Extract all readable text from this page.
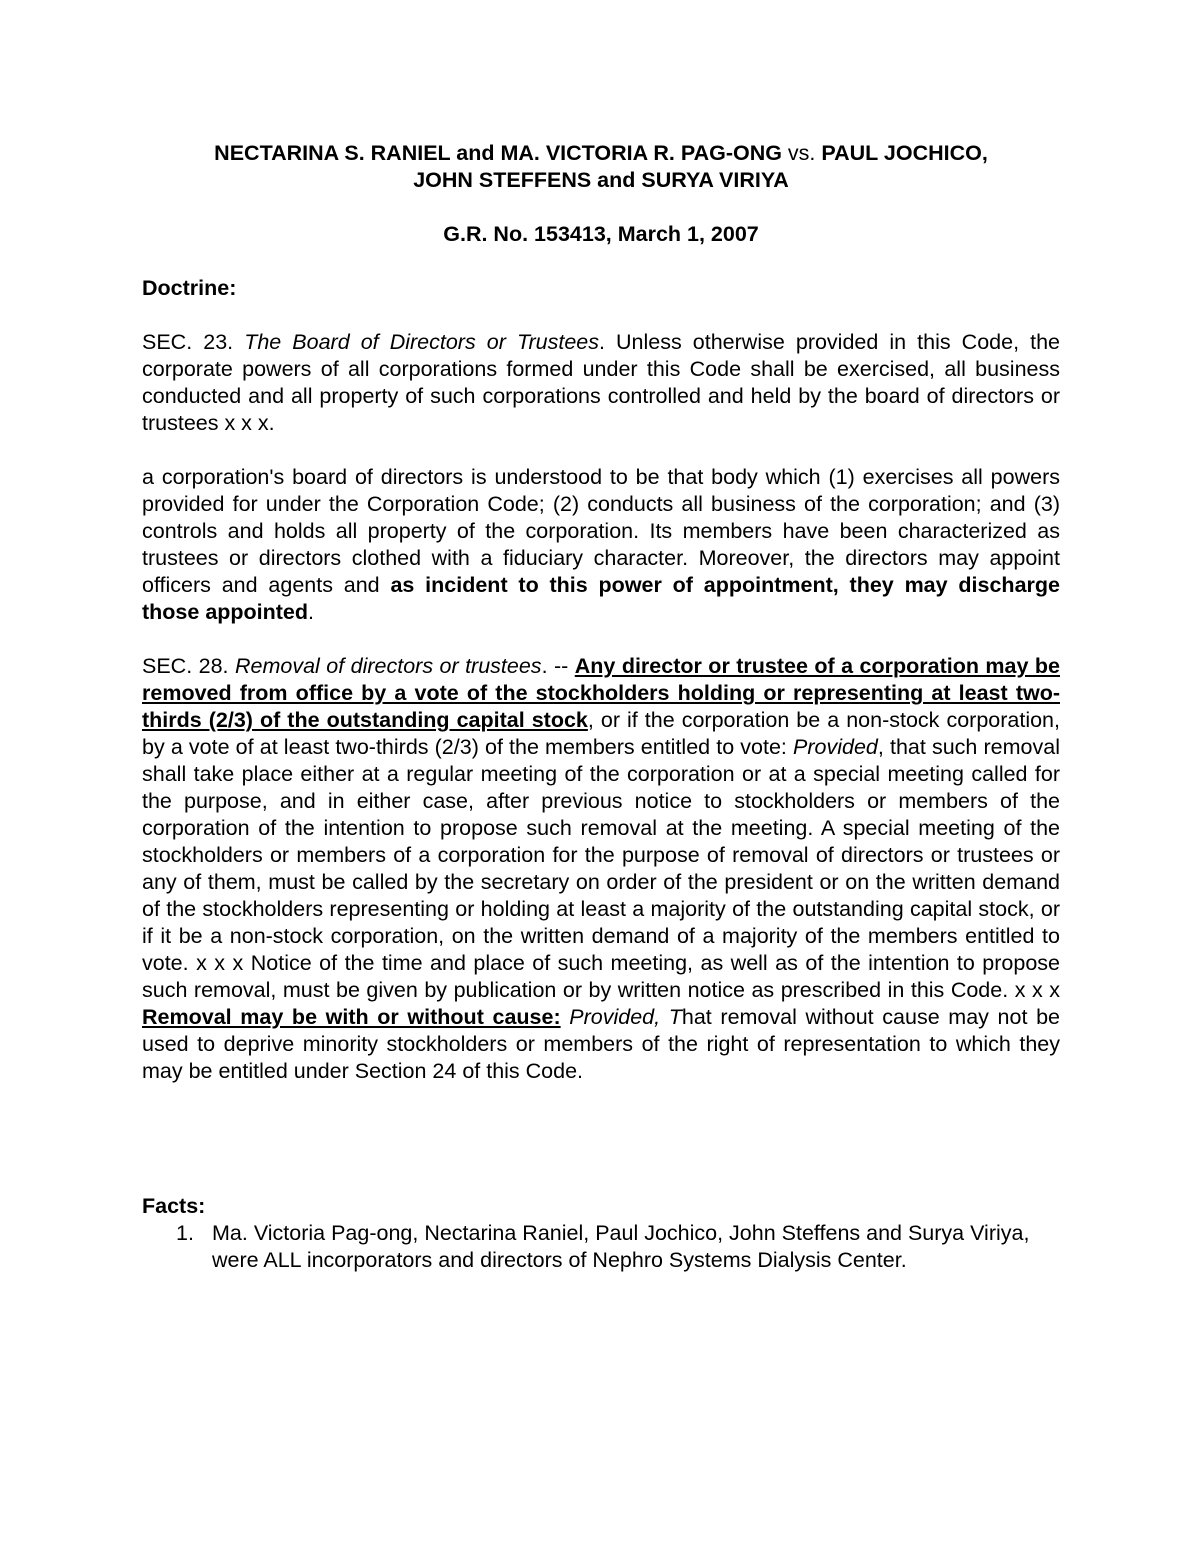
NECTARINA S. RANIEL and MA. VICTORIA R. PAG-ONG vs. PAUL JOCHICO,
JOHN STEFFENS and SURYA VIRIYA
G.R. No. 153413, March 1, 2007
Doctrine:

SEC. 23. The Board of Directors or Trustees. Unless otherwise provided in this Code, the corporate powers of all corporations formed under this Code shall be exercised, all business conducted and all property of such corporations controlled and held by the board of directors or trustees x x x.

a corporation's board of directors is understood to be that body which (1) exercises all powers provided for under the Corporation Code; (2) conducts all business of the corporation; and (3) controls and holds all property of the corporation. Its members have been characterized as trustees or directors clothed with a fiduciary character. Moreover, the directors may appoint officers and agents and as incident to this power of appointment, they may discharge those appointed.

SEC. 28. Removal of directors or trustees. -- Any director or trustee of a corporation may be removed from office by a vote of the stockholders holding or representing at least two-thirds (2/3) of the outstanding capital stock, or if the corporation be a non-stock corporation, by a vote of at least two-thirds (2/3) of the members entitled to vote: Provided, that such removal shall take place either at a regular meeting of the corporation or at a special meeting called for the purpose, and in either case, after previous notice to stockholders or members of the corporation of the intention to propose such removal at the meeting. A special meeting of the stockholders or members of a corporation for the purpose of removal of directors or trustees or any of them, must be called by the secretary on order of the president or on the written demand of the stockholders representing or holding at least a majority of the outstanding capital stock, or if it be a non-stock corporation, on the written demand of a majority of the members entitled to vote. x x x Notice of the time and place of such meeting, as well as of the intention to propose such removal, must be given by publication or by written notice as prescribed in this Code. x x x Removal may be with or without cause: Provided, That removal without cause may not be used to deprive minority stockholders or members of the right of representation to which they may be entitled under Section 24 of this Code.

Facts:
1. Ma. Victoria Pag-ong, Nectarina Raniel, Paul Jochico, John Steffens and Surya Viriya, were ALL incorporators and directors of Nephro Systems Dialysis Center.
